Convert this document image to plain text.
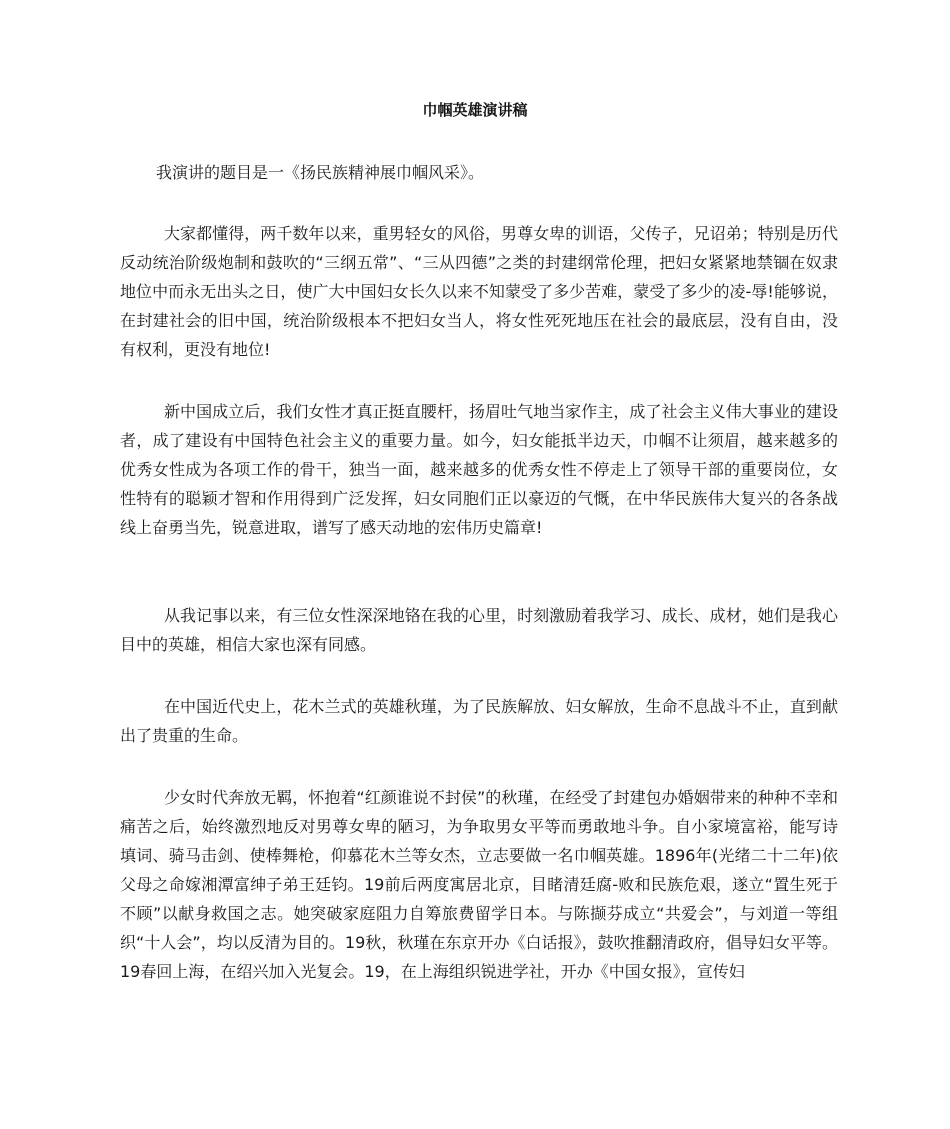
巾帼英雄演讲稿
我演讲的题目是一《扬民族精神展巾帼风采》。
大家都懂得，两千数年以来，重男轻女的风俗，男尊女卑的训语，父传子，兄诏弟；特别是历代反动统治阶级炮制和鼓吹的“三纲五常”、“三从四德”之类的封建纲常伦理，把妇女紧紧地禁锢在奴隶地位中而永无出头之日，使广大中国妇女长久以来不知蒙受了多少苦难，蒙受了多少的凌-辱!能够说，在封建社会的旧中国，统治阶级根本不把妇女当人，将女性死死地压在社会的最底层，没有自由，没有权利，更没有地位!
新中国成立后，我们女性才真正挺直腰杆，扬眉吐气地当家作主，成了社会主义伟大事业的建设者，成了建设有中国特色社会主义的重要力量。如今，妇女能抵半边天，巾帼不让须眉，越来越多的优秀女性成为各项工作的骨干，独当一面，越来越多的优秀女性不停走上了领导干部的重要岗位，女性特有的聪颖才智和作用得到广泛发挥，妇女同胞们正以豪迈的气慨，在中华民族伟大复兴的各条战线上奋勇当先，锐意进取，谱写了感天动地的宏伟历史篇章!
从我记事以来，有三位女性深深地铬在我的心里，时刻激励着我学习、成长、成材，她们是我心目中的英雄，相信大家也深有同感。
在中国近代史上，花木兰式的英雄秋瑾，为了民族解放、妇女解放，生命不息战斗不止，直到献出了贵重的生命。
少女时代奔放无羁，怀抱着“红颜谁说不封侯”的秋瑾，在经受了封建包办婚姻带来的种种不幸和痛苦之后，始终激烈地反对男尊女卑的陋习，为争取男女平等而勇敢地斗争。自小家境富裕，能写诗填词、骑马击剑、使棒舞枪，仰慕花木兰等女杰，立志要做一名巾帼英雄。1896年(光绪二十二年)依父母之命嫁湘潭富绅子弟王廷钧。19前后两度寓居北京，目睹清廷腐-败和民族危艰，遂立“置生死于不顾”以献身救国之志。她突破家庭阻力自筹旅费留学日本。与陈撷芬成立“共爱会”，与刘道一等组织“十人会”，均以反清为目的。19秋，秋瑾在东京开办《白话报》，鼓吹推翻清政府，倡导妇女平等。19春回上海，在绍兴加入光复会。19，在上海组织锐进学社，开办《中国女报》，宣传妇
